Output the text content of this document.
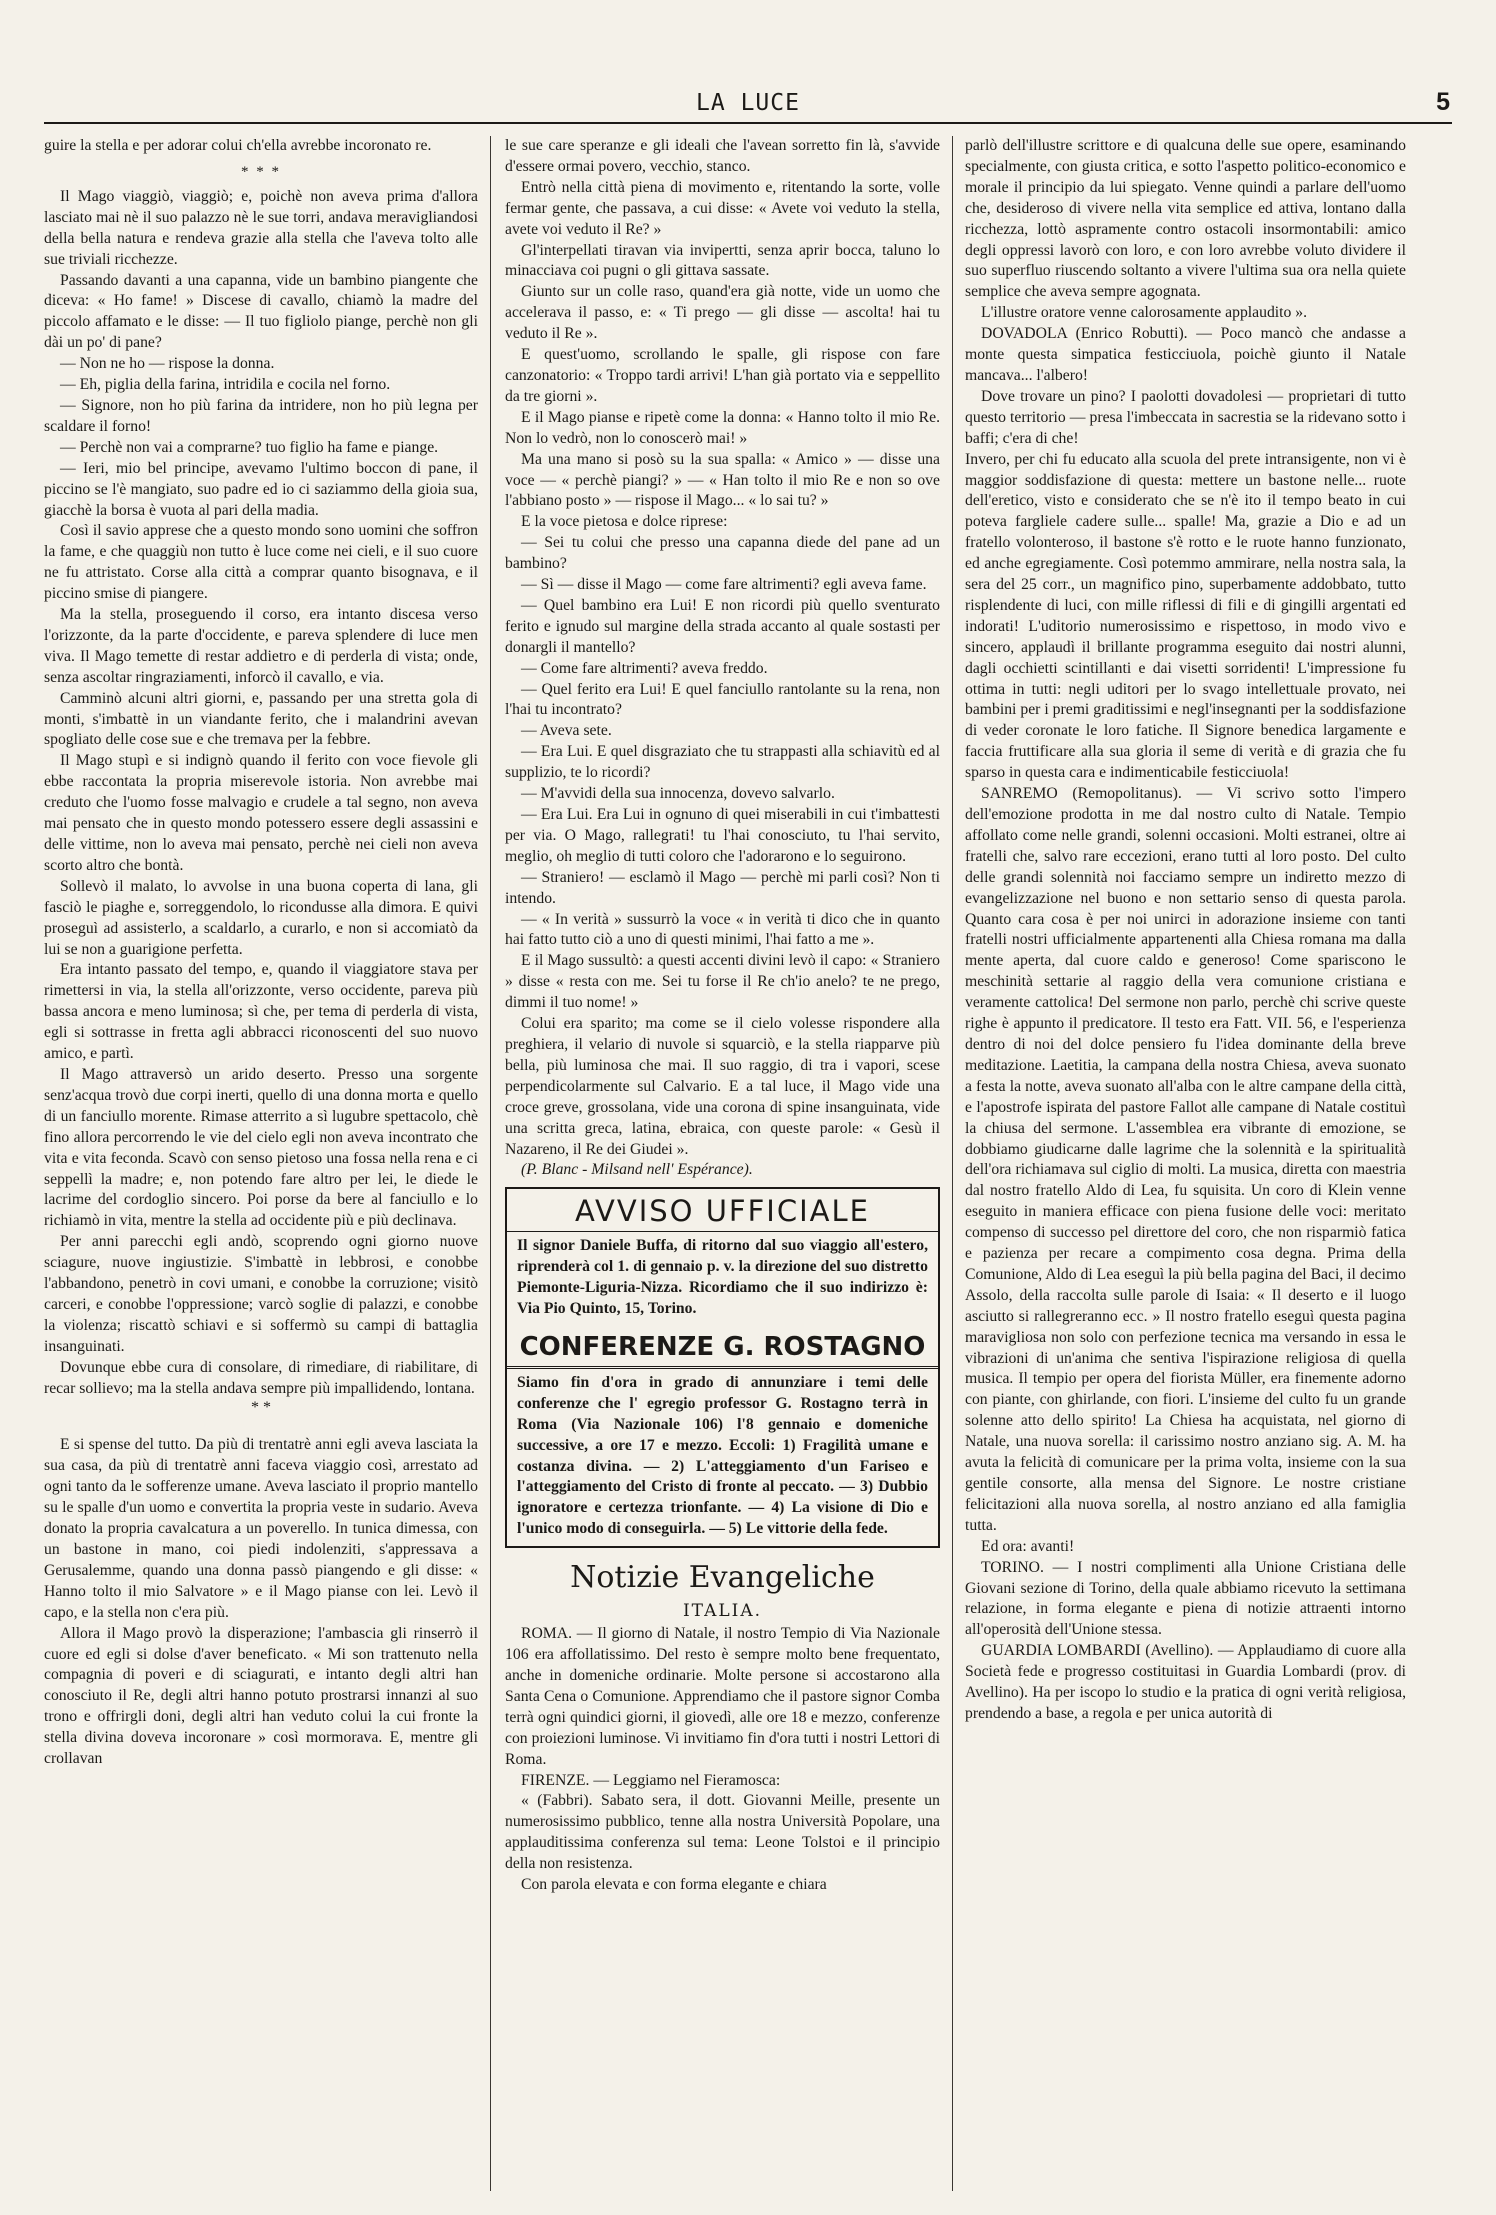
LA LUCE	5

guire la stella e per adorar colui ch'ella avrebbe incoronato re.

* * *

Il Mago viaggiò, viaggiò; e, poichè non aveva prima d'allora lasciato mai nè il suo palazzo nè le sue torri, andava meravigliandosi della bella natura e rendeva grazie alla stella che l'aveva tolto alle sue triviali ricchezze.

Passando davanti a una capanna, vide un bambino piangente che diceva: « Ho fame! » Discese di cavallo, chiamò la madre del piccolo affamato e le disse: — Il tuo figliolo piange, perchè non gli dài un po' di pane?

— Non ne ho — rispose la donna.

— Eh, piglia della farina, intridila e cocila nel forno.

— Signore, non ho più farina da intridere, non ho più legna per scaldare il forno!

— Perchè non vai a comprarne? tuo figlio ha fame e piange.

— Ieri, mio bel principe, avevamo l'ultimo boccon di pane, il piccino se l'è mangiato, suo padre ed io ci saziammo della gioia sua, giacchè la borsa è vuota al pari della madia.

Così il savio apprese che a questo mondo sono uomini che soffron la fame, e che quaggiù non tutto è luce come nei cieli, e il suo cuore ne fu attristato. Corse alla città a comprar quanto bisognava, e il piccino smise di piangere.

Ma la stella, proseguendo il corso, era intanto discesa verso l'orizzonte, da la parte d'occidente, e pareva splendere di luce men viva. Il Mago temette di restar addietro e di perderla di vista; onde, senza ascoltar ringraziamenti, inforcò il cavallo, e via.

Camminò alcuni altri giorni, e, passando per una stretta gola di monti, s'imbattè in un viandante ferito, che i malandrini avevan spogliato delle cose sue e che tremava per la febbre.

Il Mago stupì e si indignò quando il ferito con voce fievole gli ebbe raccontata la propria miserevole istoria. Non avrebbe mai creduto che l'uomo fosse malvagio e crudele a tal segno, non aveva mai pensato che in questo mondo potessero essere degli assassini e delle vittime, non lo aveva mai pensato, perchè nei cieli non aveva scorto altro che bontà.

Sollevò il malato, lo avvolse in una buona coperta di lana, gli fasciò le piaghe e, sorreggendolo, lo ricondusse alla dimora. E quivi proseguì ad assisterlo, a scaldarlo, a curarlo, e non si accomiatò da lui se non a guarigione perfetta.

Era intanto passato del tempo, e, quando il viaggiatore stava per rimettersi in via, la stella all'orizzonte, verso occidente, pareva più bassa ancora e meno luminosa; sì che, per tema di perderla di vista, egli si sottrasse in fretta agli abbracci riconoscenti del suo nuovo amico, e partì.

Il Mago attraversò un arido deserto. Presso una sorgente senz'acqua trovò due corpi inerti, quello di una donna morta e quello di un fanciullo morente. Rimase atterrito a sì lugubre spettacolo, chè fino allora percorrendo le vie del cielo egli non aveva incontrato che vita e vita feconda. Scavò con senso pietoso una fossa nella rena e ci seppellì la madre; e, non potendo fare altro per lei, le diede le lacrime del cordoglio sincero. Poi porse da bere al fanciullo e lo richiamò in vita, mentre la stella ad occidente più e più declinava.

Per anni parecchi egli andò, scoprendo ogni giorno nuove sciagure, nuove ingiustizie. S'imbattè in lebbrosi, e conobbe l'abbandono, penetrò in covi umani, e conobbe la corruzione; visitò carceri, e conobbe l'oppressione; varcò soglie di palazzi, e conobbe la violenza; riscattò schiavi e si soffermò su campi di battaglia insanguinati.

Dovunque ebbe cura di consolare, di rimediare, di riabilitare, di recar sollievo; ma la stella andava sempre più impallidendo, lontana.

* *

E si spense del tutto. Da più di trentatrè anni egli aveva lasciata la sua casa, da più di trentatrè anni faceva viaggio così, arrestato ad ogni tanto da le sofferenze umane. Aveva lasciato il proprio mantello su le spalle d'un uomo e convertita la propria veste in sudario. Aveva donato la propria cavalcatura a un poverello. In tunica dimessa, con un bastone in mano, coi piedi indolenziti, s'appressava a Gerusalemme, quando una donna passò piangendo e gli disse: « Hanno tolto il mio Salvatore » e il Mago pianse con lei. Levò il capo, e la stella non c'era più.

Allora il Mago provò la disperazione; l'ambascia gli rinserrò il cuore ed egli si dolse d'aver beneficato. « Mi son trattenuto nella compagnia di poveri e di sciagurati, e intanto degli altri han conosciuto il Re, degli altri hanno potuto prostrarsi innanzi al suo trono e offrirgli doni, degli altri han veduto colui la cui fronte la stella divina doveva incoronare » così mormorava. E, mentre gli crollavan

le sue care speranze e gli ideali che l'avean sorretto fin là, s'avvide d'essere ormai povero, vecchio, stanco.

Entrò nella città piena di movimento e, ritentando la sorte, volle fermar gente, che passava, a cui disse: « Avete voi veduto la stella, avete voi veduto il Re? »

Gl'interpellati tiravan via invipertti, senza aprir bocca, taluno lo minacciava coi pugni o gli gittava sassate.

Giunto sur un colle raso, quand'era già notte, vide un uomo che accelerava il passo, e: « Ti prego — gli disse — ascolta! hai tu veduto il Re ».

E quest'uomo, scrollando le spalle, gli rispose con fare canzonatorio: « Troppo tardi arrivi! L'han già portato via e seppellito da tre giorni ».

E il Mago pianse e ripetè come la donna: « Hanno tolto il mio Re. Non lo vedrò, non lo conoscerò mai! »

Ma una mano si posò su la sua spalla: « Amico » — disse una voce — « perchè piangi? » — « Han tolto il mio Re e non so ove l'abbiano posto » — rispose il Mago... « lo sai tu? »

E la voce pietosa e dolce riprese:

— Sei tu colui che presso una capanna diede del pane ad un bambino?

— Sì — disse il Mago — come fare altrimenti? egli aveva fame.

— Quel bambino era Lui! E non ricordi più quello sventurato ferito e ignudo sul margine della strada accanto al quale sostasti per donargli il mantello?

— Come fare altrimenti? aveva freddo.

— Quel ferito era Lui! E quel fanciullo rantolante su la rena, non l'hai tu incontrato?

— Aveva sete.

— Era Lui. E quel disgraziato che tu strappasti alla schiavitù ed al supplizio, te lo ricordi?

— M'avvidi della sua innocenza, dovevo salvarlo.

— Era Lui. Era Lui in ognuno di quei miserabili in cui t'imbattesti per via. O Mago, rallegrati! tu l'hai conosciuto, tu l'hai servito, meglio, oh meglio di tutti coloro che l'adorarono e lo seguirono.

— Straniero! — esclamò il Mago — perchè mi parli così? Non ti intendo.

— « In verità » sussurrò la voce « in verità ti dico che in quanto hai fatto tutto ciò a uno di questi minimi, l'hai fatto a me ».

E il Mago sussultò: a questi accenti divini levò il capo: « Straniero » disse « resta con me. Sei tu forse il Re ch'io anelo? te ne prego, dimmi il tuo nome! »

Colui era sparito; ma come se il cielo volesse rispondere alla preghiera, il velario di nuvole si squarciò, e la stella riapparve più bella, più luminosa che mai. Il suo raggio, di tra i vapori, scese perpendicolarmente sul Calvario. E a tal luce, il Mago vide una croce greve, grossolana, vide una corona di spine insanguinata, vide una scritta greca, latina, ebraica, con queste parole: « Gesù il Nazareno, il Re dei Giudei ».

(P. Blanc - Milsand nell' Espérance).

AVVISO UFFICIALE

Il signor Daniele Buffa, di ritorno dal suo viaggio all'estero, riprenderà col 1. di gennaio p. v. la direzione del suo distretto Piemonte-Liguria-Nizza. Ricordiamo che il suo indirizzo è: Via Pio Quinto, 15, Torino.

CONFERENZE G. ROSTAGNO

Siamo fin d'ora in grado di annunziare i temi delle conferenze che l' egregio professor G. Rostagno terrà in Roma (Via Nazionale 106) l'8 gennaio e domeniche successive, a ore 17 e mezzo. Eccoli: 1) Fragilità umane e costanza divina. — 2) L'atteggiamento d'un Fariseo e l'atteggiamento del Cristo di fronte al peccato. — 3) Dubbio ignoratore e certezza trionfante. — 4) La visione di Dio e l'unico modo di conseguirla. — 5) Le vittorie della fede.

Notizie Evangeliche
ITALIA.

ROMA. — Il giorno di Natale, il nostro Tempio di Via Nazionale 106 era affollatissimo. Del resto è sempre molto bene frequentato, anche in domeniche ordinarie. Molte persone si accostarono alla Santa Cena o Comunione. Apprendiamo che il pastore signor Comba terrà ogni quindici giorni, il giovedì, alle ore 18 e mezzo, conferenze con proiezioni luminose. Vi invitiamo fin d'ora tutti i nostri Lettori di Roma.

FIRENZE. — Leggiamo nel Fieramosca:

« (Fabbri). Sabato sera, il dott. Giovanni Meille, presente un numerosissimo pubblico, tenne alla nostra Università Popolare, una applauditissima conferenza sul tema: Leone Tolstoi e il principio della non resistenza.

Con parola elevata e con forma elegante e chiara

parlò dell'illustre scrittore e di qualcuna delle sue opere, esaminando specialmente, con giusta critica, e sotto l'aspetto politico-economico e morale il principio da lui spiegato. Venne quindi a parlare dell'uomo che, desideroso di vivere nella vita semplice ed attiva, lontano dalla ricchezza, lottò aspramente contro ostacoli insormontabili: amico degli oppressi lavorò con loro, e con loro avrebbe voluto dividere il suo superfluo riuscendo soltanto a vivere l'ultima sua ora nella quiete semplice che aveva sempre agognata.

L'illustre oratore venne calorosamente applaudito ».

DOVADOLA (Enrico Robutti). — Poco mancò che andasse a monte questa simpatica festicciuola, poichè giunto il Natale mancava... l'albero!

Dove trovare un pino? I paolotti dovadolesi — proprietari di tutto questo territorio — presa l'imbeccata in sacrestia se la ridevano sotto i baffi; c'era di che!

Invero, per chi fu educato alla scuola del prete intransigente, non vi è maggior soddisfazione di questa: mettere un bastone nelle... ruote dell'eretico, visto e considerato che se n'è ito il tempo beato in cui poteva fargliele cadere sulle... spalle! Ma, grazie a Dio e ad un fratello volonteroso, il bastone s'è rotto e le ruote hanno funzionato, ed anche egregiamente. Così potemmo ammirare, nella nostra sala, la sera del 25 corr., un magnifico pino, superbamente addobbato, tutto risplendente di luci, con mille riflessi di fili e di gingilli argentati ed indorati! L'uditorio numerosissimo e rispettoso, in modo vivo e sincero, applaudì il brillante programma eseguito dai nostri alunni, dagli occhietti scintillanti e dai visetti sorridenti! L'impressione fu ottima in tutti: negli uditori per lo svago intellettuale provato, nei bambini per i premi graditissimi e negl'insegnanti per la soddisfazione di veder coronate le loro fatiche. Il Signore benedica largamente e faccia fruttificare alla sua gloria il seme di verità e di grazia che fu sparso in questa cara e indimenticabile festicciuola!

SANREMO (Remopolitanus). — Vi scrivo sotto l'impero dell'emozione prodotta in me dal nostro culto di Natale. Tempio affollato come nelle grandi, solenni occasioni. Molti estranei, oltre ai fratelli che, salvo rare eccezioni, erano tutti al loro posto. Del culto delle grandi solennità noi facciamo sempre un indiretto mezzo di evangelizzazione nel buono e non settario senso di questa parola. Quanto cara cosa è per noi unirci in adorazione insieme con tanti fratelli nostri ufficialmente appartenenti alla Chiesa romana ma dalla mente aperta, dal cuore caldo e generoso! Come spariscono le meschinità settarie al raggio della vera comunione cristiana e veramente cattolica! Del sermone non parlo, perchè chi scrive queste righe è appunto il predicatore. Il testo era Fatt. VII. 56, e l'esperienza dentro di noi del dolce pensiero fu l'idea dominante della breve meditazione. Laetitia, la campana della nostra Chiesa, aveva suonato a festa la notte, aveva suonato all'alba con le altre campane della città, e l'apostrofe ispirata del pastore Fallot alle campane di Natale costituì la chiusa del sermone. L'assemblea era vibrante di emozione, se dobbiamo giudicarne dalle lagrime che la solennità e la spiritualità dell'ora richiamava sul ciglio di molti. La musica, diretta con maestria dal nostro fratello Aldo di Lea, fu squisita. Un coro di Klein venne eseguito in maniera efficace con piena fusione delle voci: meritato compenso di successo pel direttore del coro, che non risparmiò fatica e pazienza per recare a compimento cosa degna. Prima della Comunione, Aldo di Lea eseguì la più bella pagina del Baci, il decimo Assolo, della raccolta sulle parole di Isaia: « Il deserto e il luogo asciutto si rallegreranno ecc. » Il nostro fratello eseguì questa pagina maravigliosa non solo con perfezione tecnica ma versando in essa le vibrazioni di un'anima che sentiva l'ispirazione religiosa di quella musica. Il tempio per opera del fiorista Müller, era finemente adorno con piante, con ghirlande, con fiori. L'insieme del culto fu un grande solenne atto dello spirito! La Chiesa ha acquistata, nel giorno di Natale, una nuova sorella: il carissimo nostro anziano sig. A. M. ha avuta la felicità di comunicare per la prima volta, insieme con la sua gentile consorte, alla mensa del Signore. Le nostre cristiane felicitazioni alla nuova sorella, al nostro anziano ed alla famiglia tutta.

Ed ora: avanti!

TORINO. — I nostri complimenti alla Unione Cristiana delle Giovani sezione di Torino, della quale abbiamo ricevuto la settimana relazione, in forma elegante e piena di notizie attraenti intorno all'operosità dell'Unione stessa.

GUARDIA LOMBARDI (Avellino). — Applaudiamo di cuore alla Società fede e progresso costituitasi in Guardia Lombardi (prov. di Avellino). Ha per iscopo lo studio e la pratica di ogni verità religiosa, prendendo a base, a regola e per unica autorità di
